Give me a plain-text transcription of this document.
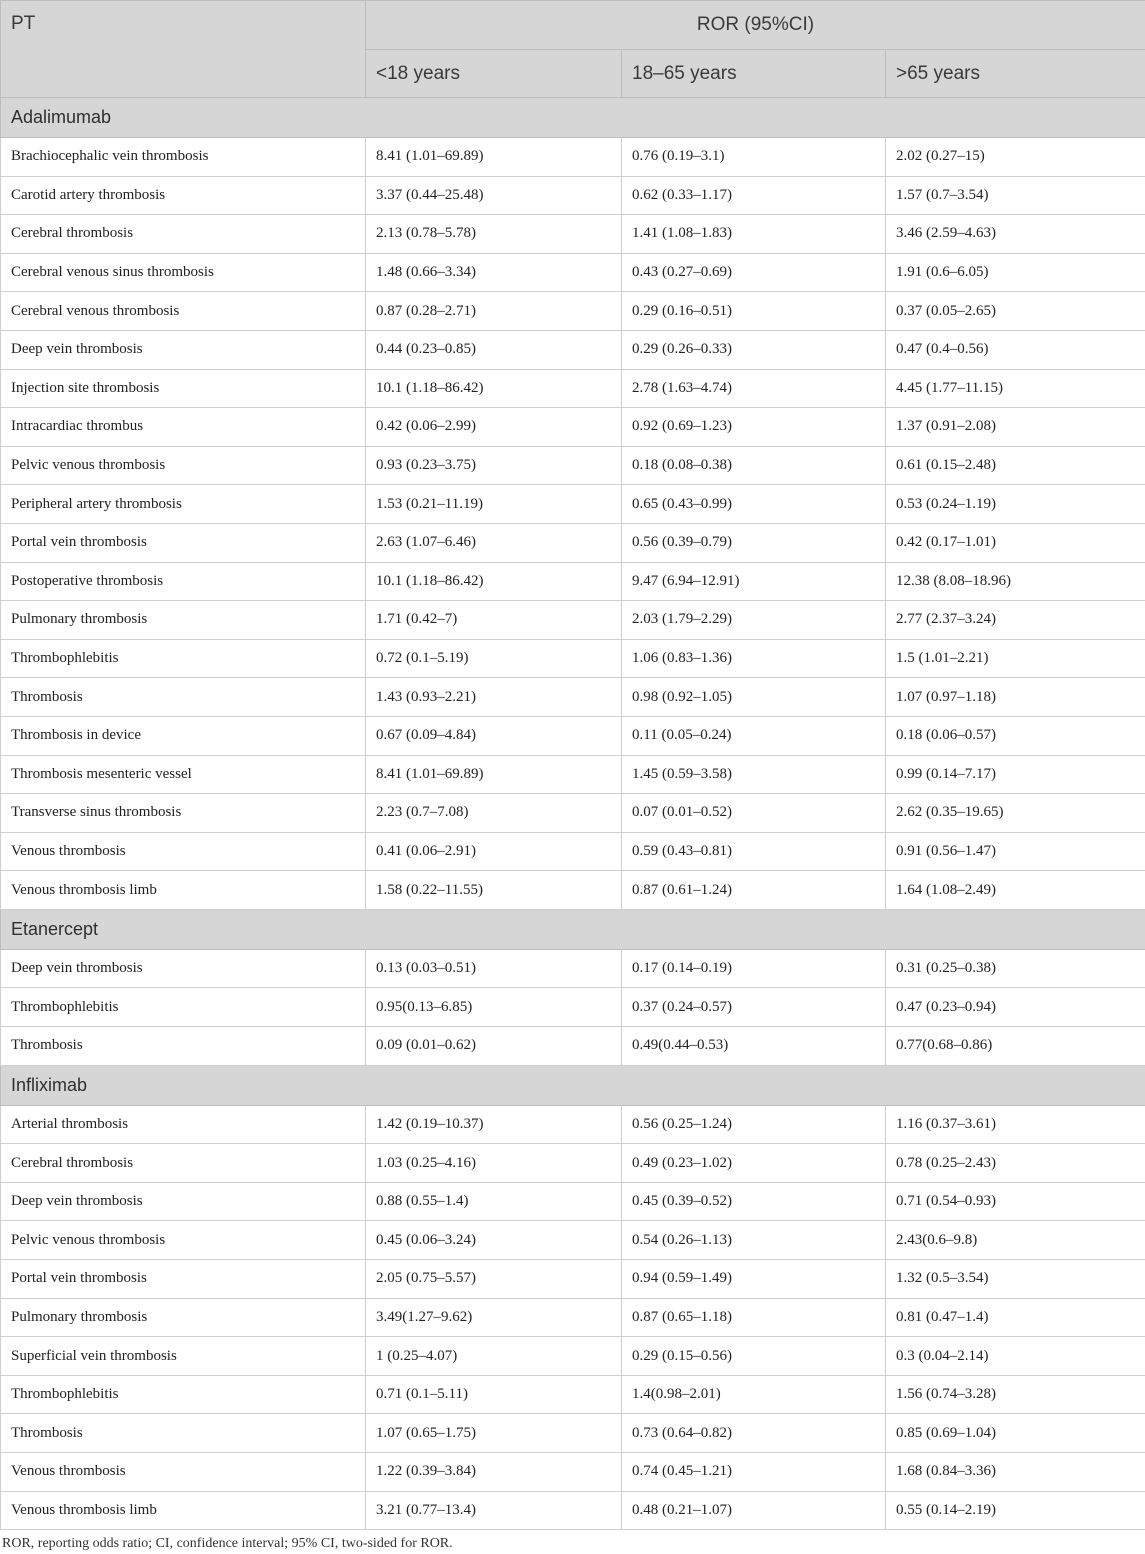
PT	ROR (95%CI)		
	<18 years	18–65 years	>65 years
Adalimumab			
Brachiocephalic vein thrombosis	8.41 (1.01–69.89)	0.76 (0.19–3.1)	2.02 (0.27–15)
Carotid artery thrombosis	3.37 (0.44–25.48)	0.62 (0.33–1.17)	1.57 (0.7–3.54)
Cerebral thrombosis	2.13 (0.78–5.78)	1.41 (1.08–1.83)	3.46 (2.59–4.63)
Cerebral venous sinus thrombosis	1.48 (0.66–3.34)	0.43 (0.27–0.69)	1.91 (0.6–6.05)
Cerebral venous thrombosis	0.87 (0.28–2.71)	0.29 (0.16–0.51)	0.37 (0.05–2.65)
Deep vein thrombosis	0.44 (0.23–0.85)	0.29 (0.26–0.33)	0.47 (0.4–0.56)
Injection site thrombosis	10.1 (1.18–86.42)	2.78 (1.63–4.74)	4.45 (1.77–11.15)
Intracardiac thrombus	0.42 (0.06–2.99)	0.92 (0.69–1.23)	1.37 (0.91–2.08)
Pelvic venous thrombosis	0.93 (0.23–3.75)	0.18 (0.08–0.38)	0.61 (0.15–2.48)
Peripheral artery thrombosis	1.53 (0.21–11.19)	0.65 (0.43–0.99)	0.53 (0.24–1.19)
Portal vein thrombosis	2.63 (1.07–6.46)	0.56 (0.39–0.79)	0.42 (0.17–1.01)
Postoperative thrombosis	10.1 (1.18–86.42)	9.47 (6.94–12.91)	12.38 (8.08–18.96)
Pulmonary thrombosis	1.71 (0.42–7)	2.03 (1.79–2.29)	2.77 (2.37–3.24)
Thrombophlebitis	0.72 (0.1–5.19)	1.06 (0.83–1.36)	1.5 (1.01–2.21)
Thrombosis	1.43 (0.93–2.21)	0.98 (0.92–1.05)	1.07 (0.97–1.18)
Thrombosis in device	0.67 (0.09–4.84)	0.11 (0.05–0.24)	0.18 (0.06–0.57)
Thrombosis mesenteric vessel	8.41 (1.01–69.89)	1.45 (0.59–3.58)	0.99 (0.14–7.17)
Transverse sinus thrombosis	2.23 (0.7–7.08)	0.07 (0.01–0.52)	2.62 (0.35–19.65)
Venous thrombosis	0.41 (0.06–2.91)	0.59 (0.43–0.81)	0.91 (0.56–1.47)
Venous thrombosis limb	1.58 (0.22–11.55)	0.87 (0.61–1.24)	1.64 (1.08–2.49)
Etanercept			
Deep vein thrombosis	0.13 (0.03–0.51)	0.17 (0.14–0.19)	0.31 (0.25–0.38)
Thrombophlebitis	0.95(0.13–6.85)	0.37 (0.24–0.57)	0.47 (0.23–0.94)
Thrombosis	0.09 (0.01–0.62)	0.49(0.44–0.53)	0.77(0.68–0.86)
Infliximab			
Arterial thrombosis	1.42 (0.19–10.37)	0.56 (0.25–1.24)	1.16 (0.37–3.61)
Cerebral thrombosis	1.03 (0.25–4.16)	0.49 (0.23–1.02)	0.78 (0.25–2.43)
Deep vein thrombosis	0.88 (0.55–1.4)	0.45 (0.39–0.52)	0.71 (0.54–0.93)
Pelvic venous thrombosis	0.45 (0.06–3.24)	0.54 (0.26–1.13)	2.43(0.6–9.8)
Portal vein thrombosis	2.05 (0.75–5.57)	0.94 (0.59–1.49)	1.32 (0.5–3.54)
Pulmonary thrombosis	3.49(1.27–9.62)	0.87 (0.65–1.18)	0.81 (0.47–1.4)
Superficial vein thrombosis	1 (0.25–4.07)	0.29 (0.15–0.56)	0.3 (0.04–2.14)
Thrombophlebitis	0.71 (0.1–5.11)	1.4(0.98–2.01)	1.56 (0.74–3.28)
Thrombosis	1.07 (0.65–1.75)	0.73 (0.64–0.82)	0.85 (0.69–1.04)
Venous thrombosis	1.22 (0.39–3.84)	0.74 (0.45–1.21)	1.68 (0.84–3.36)
Venous thrombosis limb	3.21 (0.77–13.4)	0.48 (0.21–1.07)	0.55 (0.14–2.19)
ROR, reporting odds ratio; CI, confidence interval; 95% CI, two-sided for ROR.
